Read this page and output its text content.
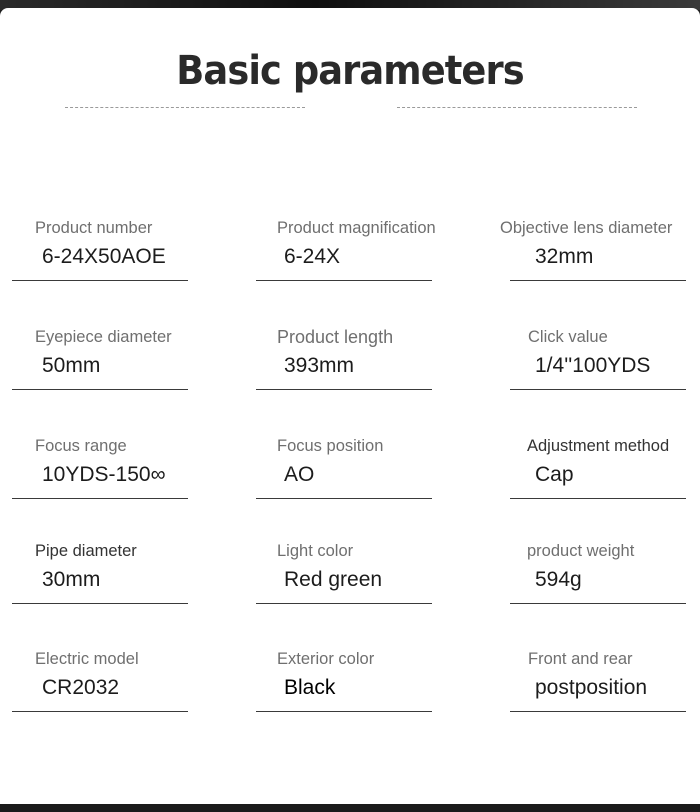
Basic parameters
Product number
6-24X50AOE
Product magnification
6-24X
Objective lens diameter
32mm
Eyepiece diameter
50mm
Product length
393mm
Click value
1/4''100YDS
Focus range
10YDS-150∞
Focus position
AO
Adjustment method
Cap
Pipe diameter
30mm
Light color
Red green
product weight
594g
Electric model
CR2032
Exterior color
Black
Front and rear
postposition
